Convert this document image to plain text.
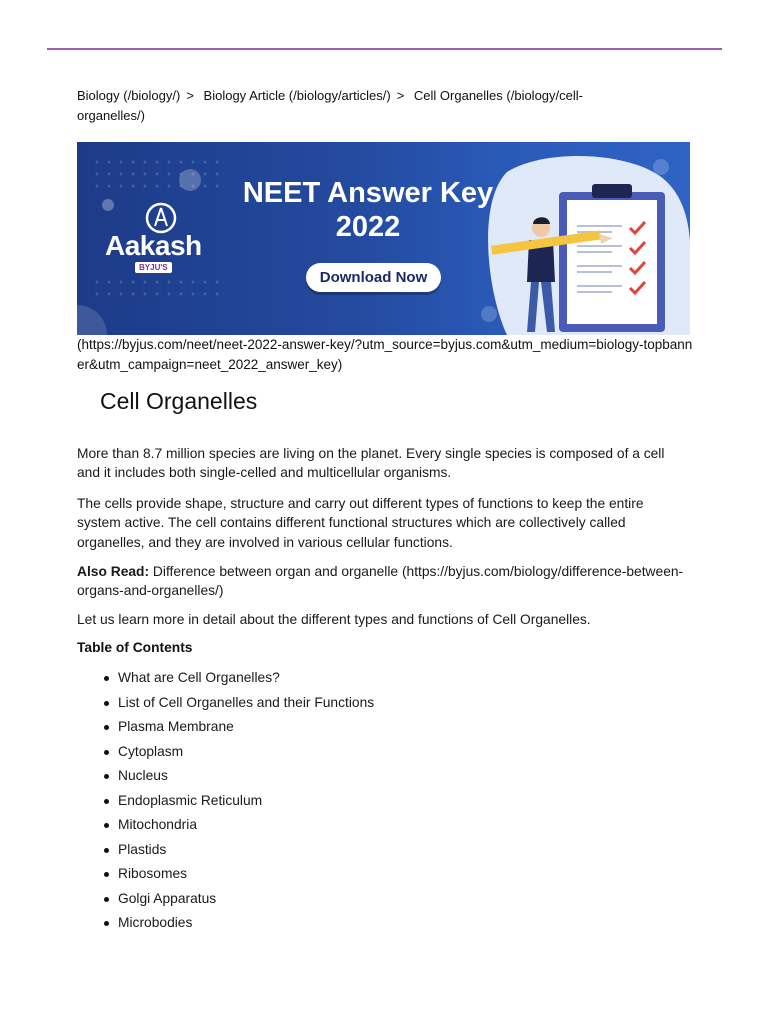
Biology (/biology/) > Biology Article (/biology/articles/) > Cell Organelles (/biology/cell-organelles/)
Aakash
BYJU'S
NEET Answer Key
2022
Download Now
(https://byjus.com/neet/neet-2022-answer-key/?utm_source=byjus.com&utm_medium=biology-topbanner&utm_campaign=neet_2022_answer_key)
Cell Organelles

More than 8.7 million species are living on the planet. Every single species is composed of a cell and it includes both single-celled and multicellular organisms.

The cells provide shape, structure and carry out different types of functions to keep the entire system active. The cell contains different functional structures which are collectively called organelles, and they are involved in various cellular functions.

Also Read: Difference between organ and organelle (https://byjus.com/biology/difference-between-organs-and-organelles/)

Let us learn more in detail about the different types and functions of Cell Organelles.

Table of Contents
What are Cell Organelles?
List of Cell Organelles and their Functions
Plasma Membrane
Cytoplasm
Nucleus
Endoplasmic Reticulum
Mitochondria
Plastids
Ribosomes
Golgi Apparatus
Microbodies
